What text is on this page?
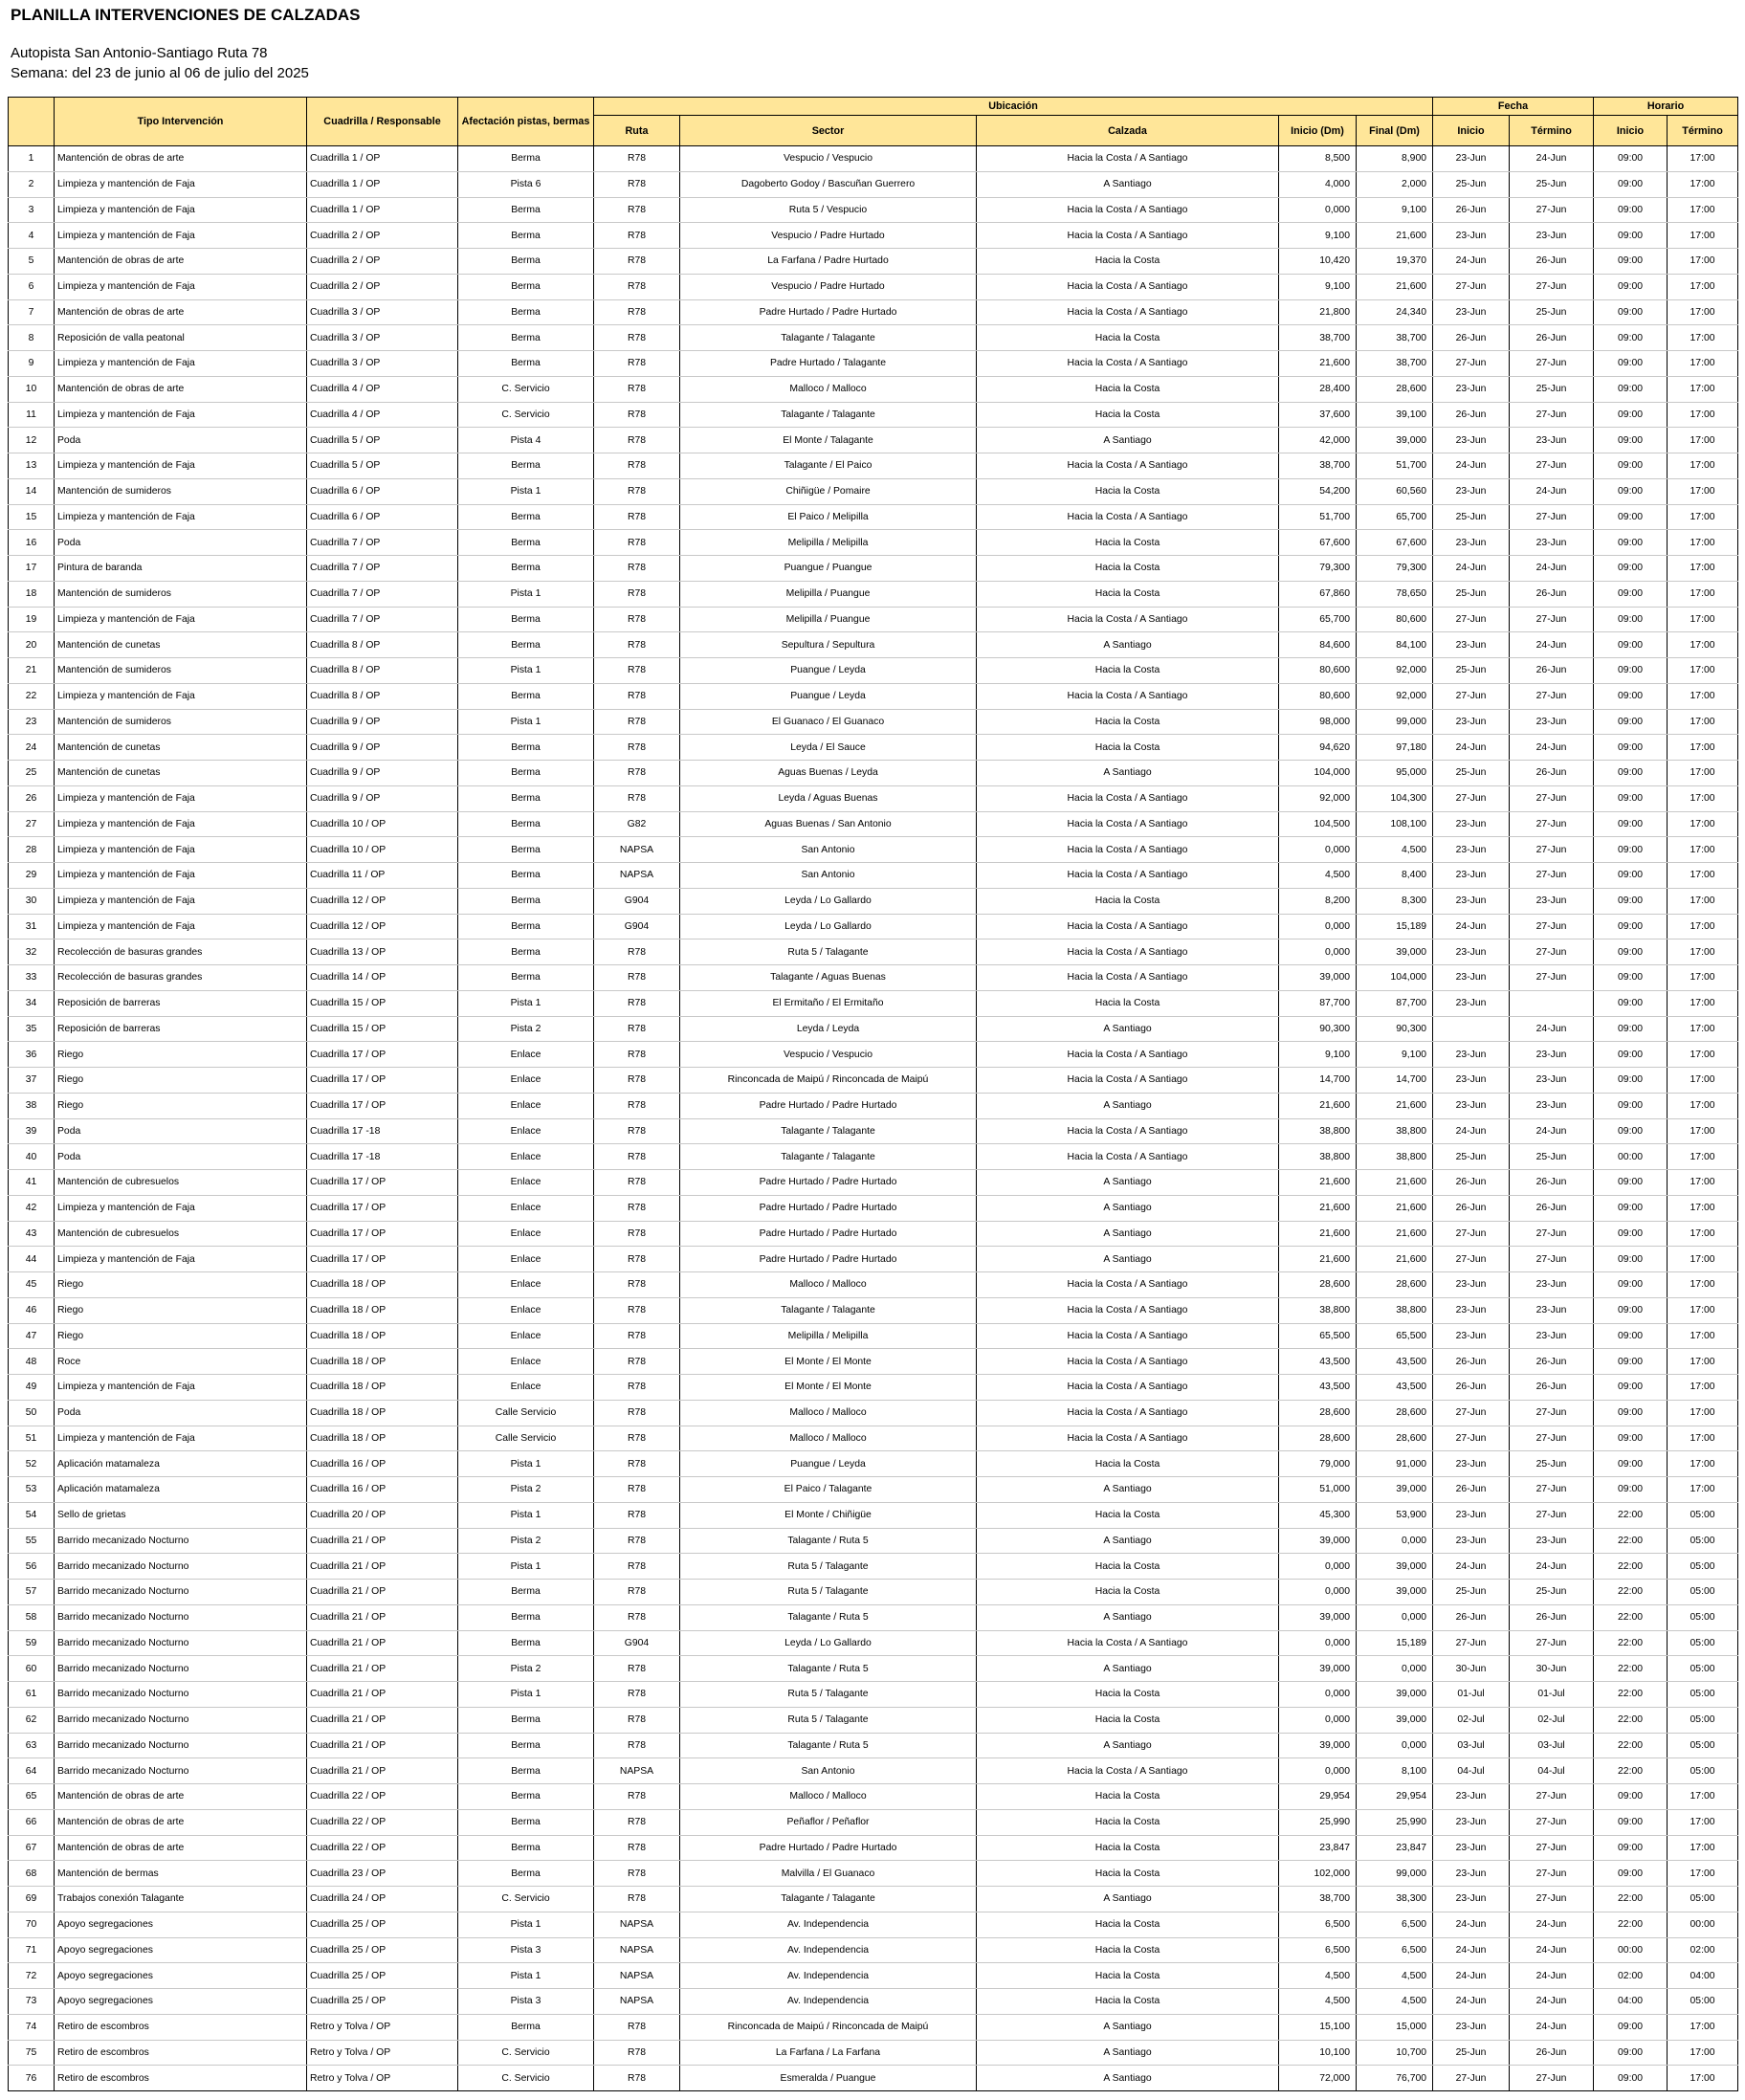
PLANILLA INTERVENCIONES DE CALZADAS
Autopista San Antonio-Santiago Ruta 78
Semana: del 23 de junio al 06 de julio del 2025
	Tipo Intervención	Cuadrilla / Responsable	Afectación pistas, bermas	Ubicación					Fecha		Horario	
				Ruta	Sector	Calzada	Inicio (Dm)	Final (Dm)	Inicio	Término	Inicio	Término
1	Mantención de obras de arte	Cuadrilla 1 / OP	Berma	R78	Vespucio / Vespucio	Hacia la Costa / A Santiago	8,500	8,900	23-Jun	24-Jun	09:00	17:00
2	Limpieza y mantención de Faja	Cuadrilla 1 / OP	Pista 6	R78	Dagoberto Godoy / Bascuñan Guerrero	A Santiago	4,000	2,000	25-Jun	25-Jun	09:00	17:00
3	Limpieza y mantención de Faja	Cuadrilla 1 / OP	Berma	R78	Ruta 5 / Vespucio	Hacia la Costa / A Santiago	0,000	9,100	26-Jun	27-Jun	09:00	17:00
4	Limpieza y mantención de Faja	Cuadrilla 2 / OP	Berma	R78	Vespucio / Padre Hurtado	Hacia la Costa / A Santiago	9,100	21,600	23-Jun	23-Jun	09:00	17:00
5	Mantención de obras de arte	Cuadrilla 2 / OP	Berma	R78	La Farfana / Padre Hurtado	Hacia la Costa	10,420	19,370	24-Jun	26-Jun	09:00	17:00
6	Limpieza y mantención de Faja	Cuadrilla 2 / OP	Berma	R78	Vespucio / Padre Hurtado	Hacia la Costa / A Santiago	9,100	21,600	27-Jun	27-Jun	09:00	17:00
7	Mantención de obras de arte	Cuadrilla 3 / OP	Berma	R78	Padre Hurtado / Padre Hurtado	Hacia la Costa / A Santiago	21,800	24,340	23-Jun	25-Jun	09:00	17:00
8	Reposición de valla peatonal	Cuadrilla 3 / OP	Berma	R78	Talagante / Talagante	Hacia la Costa	38,700	38,700	26-Jun	26-Jun	09:00	17:00
9	Limpieza y mantención de Faja	Cuadrilla 3 / OP	Berma	R78	Padre Hurtado / Talagante	Hacia la Costa / A Santiago	21,600	38,700	27-Jun	27-Jun	09:00	17:00
10	Mantención de obras de arte	Cuadrilla 4 / OP	C. Servicio	R78	Malloco / Malloco	Hacia la Costa	28,400	28,600	23-Jun	25-Jun	09:00	17:00
11	Limpieza y mantención de Faja	Cuadrilla 4 / OP	C. Servicio	R78	Talagante / Talagante	Hacia la Costa	37,600	39,100	26-Jun	27-Jun	09:00	17:00
12	Poda	Cuadrilla 5 / OP	Pista 4	R78	El Monte / Talagante	A Santiago	42,000	39,000	23-Jun	23-Jun	09:00	17:00
13	Limpieza y mantención de Faja	Cuadrilla 5 / OP	Berma	R78	Talagante / El Paico	Hacia la Costa / A Santiago	38,700	51,700	24-Jun	27-Jun	09:00	17:00
14	Mantención de sumideros	Cuadrilla 6 / OP	Pista 1	R78	Chiñigüe / Pomaire	Hacia la Costa	54,200	60,560	23-Jun	24-Jun	09:00	17:00
15	Limpieza y mantención de Faja	Cuadrilla 6 / OP	Berma	R78	El Paico / Melipilla	Hacia la Costa / A Santiago	51,700	65,700	25-Jun	27-Jun	09:00	17:00
16	Poda	Cuadrilla 7 / OP	Berma	R78	Melipilla / Melipilla	Hacia la Costa	67,600	67,600	23-Jun	23-Jun	09:00	17:00
17	Pintura de baranda	Cuadrilla 7 / OP	Berma	R78	Puangue / Puangue	Hacia la Costa	79,300	79,300	24-Jun	24-Jun	09:00	17:00
18	Mantención de sumideros	Cuadrilla 7 / OP	Pista 1	R78	Melipilla / Puangue	Hacia la Costa	67,860	78,650	25-Jun	26-Jun	09:00	17:00
19	Limpieza y mantención de Faja	Cuadrilla 7 / OP	Berma	R78	Melipilla / Puangue	Hacia la Costa / A Santiago	65,700	80,600	27-Jun	27-Jun	09:00	17:00
20	Mantención de cunetas	Cuadrilla 8 / OP	Berma	R78	Sepultura / Sepultura	A Santiago	84,600	84,100	23-Jun	24-Jun	09:00	17:00
21	Mantención de sumideros	Cuadrilla 8 / OP	Pista 1	R78	Puangue / Leyda	Hacia la Costa	80,600	92,000	25-Jun	26-Jun	09:00	17:00
22	Limpieza y mantención de Faja	Cuadrilla 8 / OP	Berma	R78	Puangue / Leyda	Hacia la Costa / A Santiago	80,600	92,000	27-Jun	27-Jun	09:00	17:00
23	Mantención de sumideros	Cuadrilla 9 / OP	Pista 1	R78	El Guanaco / El Guanaco	Hacia la Costa	98,000	99,000	23-Jun	23-Jun	09:00	17:00
24	Mantención de cunetas	Cuadrilla 9 / OP	Berma	R78	Leyda / El Sauce	Hacia la Costa	94,620	97,180	24-Jun	24-Jun	09:00	17:00
25	Mantención de cunetas	Cuadrilla 9 / OP	Berma	R78	Aguas Buenas / Leyda	A Santiago	104,000	95,000	25-Jun	26-Jun	09:00	17:00
26	Limpieza y mantención de Faja	Cuadrilla 9 / OP	Berma	R78	Leyda / Aguas Buenas	Hacia la Costa / A Santiago	92,000	104,300	27-Jun	27-Jun	09:00	17:00
27	Limpieza y mantención de Faja	Cuadrilla 10 / OP	Berma	G82	Aguas Buenas / San Antonio	Hacia la Costa / A Santiago	104,500	108,100	23-Jun	27-Jun	09:00	17:00
28	Limpieza y mantención de Faja	Cuadrilla 10 / OP	Berma	NAPSA	San Antonio	Hacia la Costa / A Santiago	0,000	4,500	23-Jun	27-Jun	09:00	17:00
29	Limpieza y mantención de Faja	Cuadrilla 11 / OP	Berma	NAPSA	San Antonio	Hacia la Costa / A Santiago	4,500	8,400	23-Jun	27-Jun	09:00	17:00
30	Limpieza y mantención de Faja	Cuadrilla 12 / OP	Berma	G904	Leyda / Lo Gallardo	Hacia la Costa	8,200	8,300	23-Jun	23-Jun	09:00	17:00
31	Limpieza y mantención de Faja	Cuadrilla 12 / OP	Berma	G904	Leyda / Lo Gallardo	Hacia la Costa / A Santiago	0,000	15,189	24-Jun	27-Jun	09:00	17:00
32	Recolección de basuras grandes	Cuadrilla 13 / OP	Berma	R78	Ruta 5 / Talagante	Hacia la Costa / A Santiago	0,000	39,000	23-Jun	27-Jun	09:00	17:00
33	Recolección de basuras grandes	Cuadrilla 14 / OP	Berma	R78	Talagante / Aguas Buenas	Hacia la Costa / A Santiago	39,000	104,000	23-Jun	27-Jun	09:00	17:00
34	Reposición de barreras	Cuadrilla 15 / OP	Pista 1	R78	El Ermitaño / El Ermitaño	Hacia la Costa	87,700	87,700	23-Jun		09:00	17:00
35	Reposición de barreras	Cuadrilla 15 / OP	Pista 2	R78	Leyda / Leyda	A Santiago	90,300	90,300		24-Jun	09:00	17:00
36	Riego	Cuadrilla 17 / OP	Enlace	R78	Vespucio / Vespucio	Hacia la Costa / A Santiago	9,100	9,100	23-Jun	23-Jun	09:00	17:00
37	Riego	Cuadrilla 17 / OP	Enlace	R78	Rinconcada de Maipú / Rinconcada de Maipú	Hacia la Costa / A Santiago	14,700	14,700	23-Jun	23-Jun	09:00	17:00
38	Riego	Cuadrilla 17 / OP	Enlace	R78	Padre Hurtado / Padre Hurtado	A Santiago	21,600	21,600	23-Jun	23-Jun	09:00	17:00
39	Poda	Cuadrilla 17 -18	Enlace	R78	Talagante / Talagante	Hacia la Costa / A Santiago	38,800	38,800	24-Jun	24-Jun	09:00	17:00
40	Poda	Cuadrilla 17 -18	Enlace	R78	Talagante / Talagante	Hacia la Costa / A Santiago	38,800	38,800	25-Jun	25-Jun	00:00	17:00
41	Mantención de cubresuelos	Cuadrilla 17 / OP	Enlace	R78	Padre Hurtado / Padre Hurtado	A Santiago	21,600	21,600	26-Jun	26-Jun	09:00	17:00
42	Limpieza y mantención de Faja	Cuadrilla 17 / OP	Enlace	R78	Padre Hurtado / Padre Hurtado	A Santiago	21,600	21,600	26-Jun	26-Jun	09:00	17:00
43	Mantención de cubresuelos	Cuadrilla 17 / OP	Enlace	R78	Padre Hurtado / Padre Hurtado	A Santiago	21,600	21,600	27-Jun	27-Jun	09:00	17:00
44	Limpieza y mantención de Faja	Cuadrilla 17 / OP	Enlace	R78	Padre Hurtado / Padre Hurtado	A Santiago	21,600	21,600	27-Jun	27-Jun	09:00	17:00
45	Riego	Cuadrilla 18 / OP	Enlace	R78	Malloco / Malloco	Hacia la Costa / A Santiago	28,600	28,600	23-Jun	23-Jun	09:00	17:00
46	Riego	Cuadrilla 18 / OP	Enlace	R78	Talagante / Talagante	Hacia la Costa / A Santiago	38,800	38,800	23-Jun	23-Jun	09:00	17:00
47	Riego	Cuadrilla 18 / OP	Enlace	R78	Melipilla / Melipilla	Hacia la Costa / A Santiago	65,500	65,500	23-Jun	23-Jun	09:00	17:00
48	Roce	Cuadrilla 18 / OP	Enlace	R78	El Monte / El Monte	Hacia la Costa / A Santiago	43,500	43,500	26-Jun	26-Jun	09:00	17:00
49	Limpieza y mantención de Faja	Cuadrilla 18 / OP	Enlace	R78	El Monte / El Monte	Hacia la Costa / A Santiago	43,500	43,500	26-Jun	26-Jun	09:00	17:00
50	Poda	Cuadrilla 18 / OP	Calle Servicio	R78	Malloco / Malloco	Hacia la Costa / A Santiago	28,600	28,600	27-Jun	27-Jun	09:00	17:00
51	Limpieza y mantención de Faja	Cuadrilla 18 / OP	Calle Servicio	R78	Malloco / Malloco	Hacia la Costa / A Santiago	28,600	28,600	27-Jun	27-Jun	09:00	17:00
52	Aplicación matamaleza	Cuadrilla 16 / OP	Pista 1	R78	Puangue / Leyda	Hacia la Costa	79,000	91,000	23-Jun	25-Jun	09:00	17:00
53	Aplicación matamaleza	Cuadrilla 16 / OP	Pista 2	R78	El Paico / Talagante	A Santiago	51,000	39,000	26-Jun	27-Jun	09:00	17:00
54	Sello de grietas	Cuadrilla 20 / OP	Pista 1	R78	El Monte / Chiñigüe	Hacia la Costa	45,300	53,900	23-Jun	27-Jun	22:00	05:00
55	Barrido mecanizado Nocturno	Cuadrilla 21 / OP	Pista 2	R78	Talagante / Ruta 5	A Santiago	39,000	0,000	23-Jun	23-Jun	22:00	05:00
56	Barrido mecanizado Nocturno	Cuadrilla 21 / OP	Pista 1	R78	Ruta 5 / Talagante	Hacia la Costa	0,000	39,000	24-Jun	24-Jun	22:00	05:00
57	Barrido mecanizado Nocturno	Cuadrilla 21 / OP	Berma	R78	Ruta 5 / Talagante	Hacia la Costa	0,000	39,000	25-Jun	25-Jun	22:00	05:00
58	Barrido mecanizado Nocturno	Cuadrilla 21 / OP	Berma	R78	Talagante / Ruta 5	A Santiago	39,000	0,000	26-Jun	26-Jun	22:00	05:00
59	Barrido mecanizado Nocturno	Cuadrilla 21 / OP	Berma	G904	Leyda / Lo Gallardo	Hacia la Costa / A Santiago	0,000	15,189	27-Jun	27-Jun	22:00	05:00
60	Barrido mecanizado Nocturno	Cuadrilla 21 / OP	Pista 2	R78	Talagante / Ruta 5	A Santiago	39,000	0,000	30-Jun	30-Jun	22:00	05:00
61	Barrido mecanizado Nocturno	Cuadrilla 21 / OP	Pista 1	R78	Ruta 5 / Talagante	Hacia la Costa	0,000	39,000	01-Jul	01-Jul	22:00	05:00
62	Barrido mecanizado Nocturno	Cuadrilla 21 / OP	Berma	R78	Ruta 5 / Talagante	Hacia la Costa	0,000	39,000	02-Jul	02-Jul	22:00	05:00
63	Barrido mecanizado Nocturno	Cuadrilla 21 / OP	Berma	R78	Talagante / Ruta 5	A Santiago	39,000	0,000	03-Jul	03-Jul	22:00	05:00
64	Barrido mecanizado Nocturno	Cuadrilla 21 / OP	Berma	NAPSA	San Antonio	Hacia la Costa / A Santiago	0,000	8,100	04-Jul	04-Jul	22:00	05:00
65	Mantención de obras de arte	Cuadrilla 22 / OP	Berma	R78	Malloco / Malloco	Hacia la Costa	29,954	29,954	23-Jun	27-Jun	09:00	17:00
66	Mantención de obras de arte	Cuadrilla 22 / OP	Berma	R78	Peñaflor / Peñaflor	Hacia la Costa	25,990	25,990	23-Jun	27-Jun	09:00	17:00
67	Mantención de obras de arte	Cuadrilla 22 / OP	Berma	R78	Padre Hurtado / Padre Hurtado	Hacia la Costa	23,847	23,847	23-Jun	27-Jun	09:00	17:00
68	Mantención de bermas	Cuadrilla 23 / OP	Berma	R78	Malvilla / El Guanaco	Hacia la Costa	102,000	99,000	23-Jun	27-Jun	09:00	17:00
69	Trabajos conexión Talagante	Cuadrilla 24 / OP	C. Servicio	R78	Talagante / Talagante	A Santiago	38,700	38,300	23-Jun	27-Jun	22:00	05:00
70	Apoyo segregaciones	Cuadrilla 25 / OP	Pista 1	NAPSA	Av. Independencia	Hacia la Costa	6,500	6,500	24-Jun	24-Jun	22:00	00:00
71	Apoyo segregaciones	Cuadrilla 25 / OP	Pista 3	NAPSA	Av. Independencia	Hacia la Costa	6,500	6,500	24-Jun	24-Jun	00:00	02:00
72	Apoyo segregaciones	Cuadrilla 25 / OP	Pista 1	NAPSA	Av. Independencia	Hacia la Costa	4,500	4,500	24-Jun	24-Jun	02:00	04:00
73	Apoyo segregaciones	Cuadrilla 25 / OP	Pista 3	NAPSA	Av. Independencia	Hacia la Costa	4,500	4,500	24-Jun	24-Jun	04:00	05:00
74	Retiro de escombros	Retro y Tolva / OP	Berma	R78	Rinconcada de Maipú / Rinconcada de Maipú	A Santiago	15,100	15,000	23-Jun	24-Jun	09:00	17:00
75	Retiro de escombros	Retro y Tolva / OP	C. Servicio	R78	La Farfana / La Farfana	A Santiago	10,100	10,700	25-Jun	26-Jun	09:00	17:00
76	Retiro de escombros	Retro y Tolva / OP	C. Servicio	R78	Esmeralda / Puangue	A Santiago	72,000	76,700	27-Jun	27-Jun	09:00	17:00
